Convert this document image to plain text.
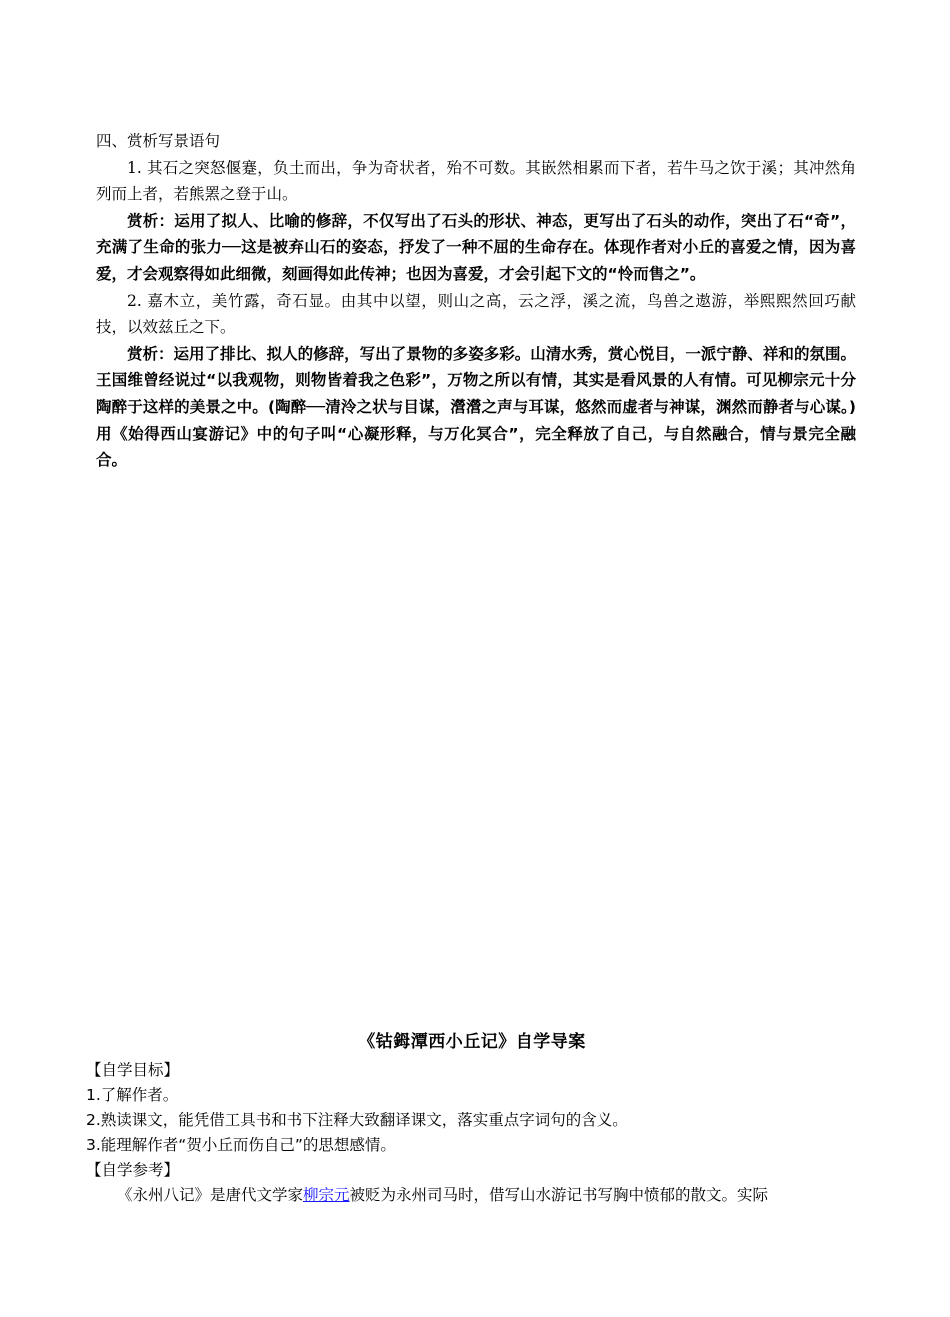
四、赏析写景语句

1. 其石之突怒偃蹇，负土而出，争为奇状者，殆不可数。其嵌然相累而下者，若牛马之饮于溪；其冲然角列而上者，若熊罴之登于山。

赏析：运用了拟人、比喻的修辞，不仅写出了石头的形状、神态，更写出了石头的动作，突出了石“奇”，充满了生命的张力──这是被弃山石的姿态，抒发了一种不屈的生命存在。体现作者对小丘的喜爱之情，因为喜爱，才会观察得如此细微，刻画得如此传神；也因为喜爱，才会引起下文的“怜而售之”。

2. 嘉木立，美竹露，奇石显。由其中以望，则山之高，云之浮，溪之流，鸟兽之遨游，举熙熙然回巧献技，以效兹丘之下。

赏析：运用了排比、拟人的修辞，写出了景物的多姿多彩。山清水秀，赏心悦目，一派宁静、祥和的氛围。王国维曾经说过“以我观物，则物皆着我之色彩”，万物之所以有情，其实是看风景的人有情。可见柳宗元十分陶醉于这样的美景之中。(陶醉──清泠之状与目谋，瀯瀯之声与耳谋，悠然而虚者与神谋，渊然而静者与心谋。)用《始得西山宴游记》中的句子叫“心凝形释，与万化冥合”，完全释放了自己，与自然融合，情与景完全融合。

《钴鉧潭西小丘记》自学导案

【自学目标】

1.了解作者。

2.熟读课文，能凭借工具书和书下注释大致翻译课文，落实重点字词句的含义。

3.能理解作者“贺小丘而伤自己”的思想感情。

【自学参考】

《永州八记》是唐代文学家柳宗元被贬为永州司马时，借写山水游记书写胸中愤郁的散文。实际
